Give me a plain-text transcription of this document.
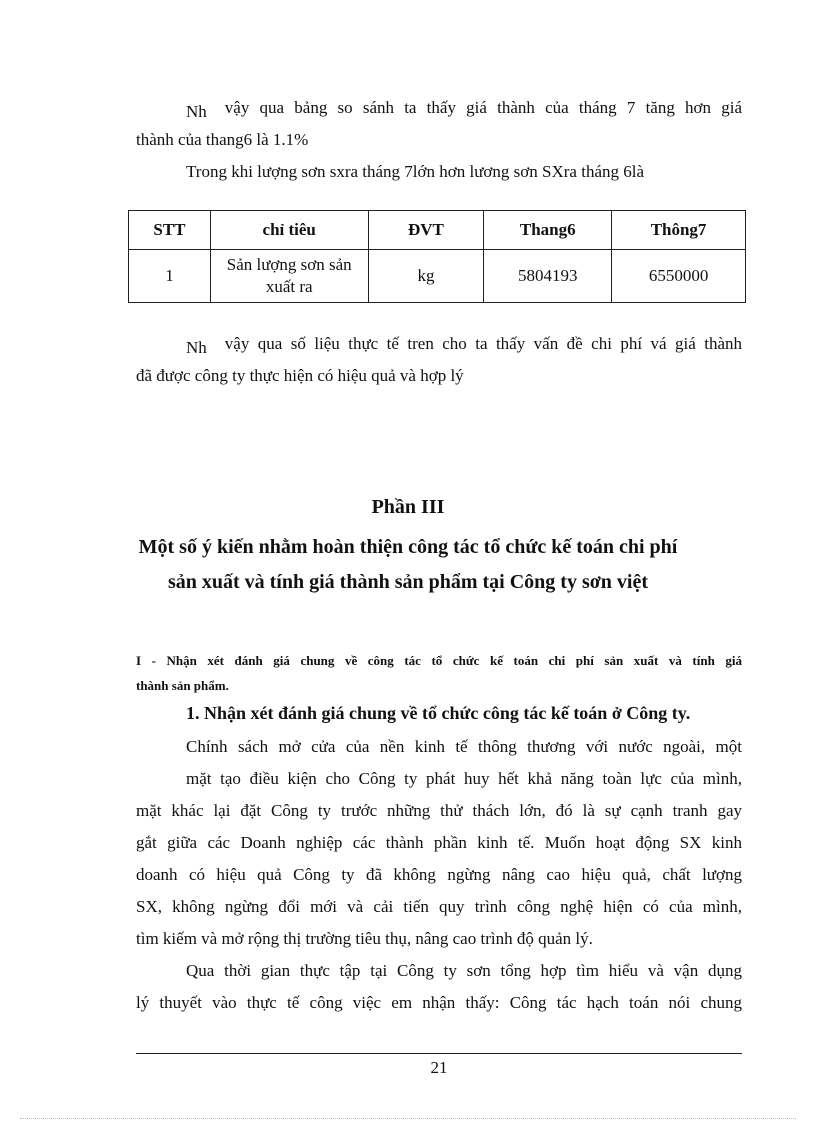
Nh vậy qua bảng so sánh ta thấy giá thành của tháng 7 tăng hơn giá
thành của thang6 là 1.1%
Trong khi lượng sơn sxra tháng 7lớn hơn lương sơn SXra tháng 6là
STT	chỉ tiêu	ĐVT	Thang6	Thông7
1	Sản lượng sơn sản
xuất ra	kg	5804193	6550000
Nh vậy qua số liệu thực tế tren cho ta thấy vấn đề chi phí vá giá thành
đã được công ty thực hiện có hiệu quả và hợp lý
Phần III
Một số ý kiến nhằm hoàn thiện công tác tổ chức kế toán chi phí
sản xuất và tính giá thành sản phẩm tại Công ty sơn việt
I - Nhận xét đánh giá chung về công tác tổ chức kế toán chi phí sản xuất và tính giá
thành sản phẩm.
1. Nhận xét đánh giá chung về tổ chức công tác kế toán ở Công ty.
Chính sách mở cửa của nền kinh tế thông thương với nước ngoài, một
mặt tạo điều kiện cho Công ty phát huy hết khả năng toàn lực của mình,
mặt khác lại đặt Công ty trước những thử thách lớn, đó là sự cạnh tranh gay
gắt giữa các Doanh nghiệp các thành phần kinh tế. Muốn hoạt động SX kinh
doanh có hiệu quả Công ty đã không ngừng nâng cao hiệu quả, chất lượng
SX, không ngừng đổi mới và cải tiến quy trình công nghệ hiện có của mình,
tìm kiếm và mở rộng thị trường tiêu thụ, nâng cao trình độ quản lý.
Qua thời gian thực tập tại Công ty sơn tổng hợp tìm hiểu và vận dụng
lý thuyết vào thực tế công việc em nhận thấy: Công tác hạch toán nói chung
21
